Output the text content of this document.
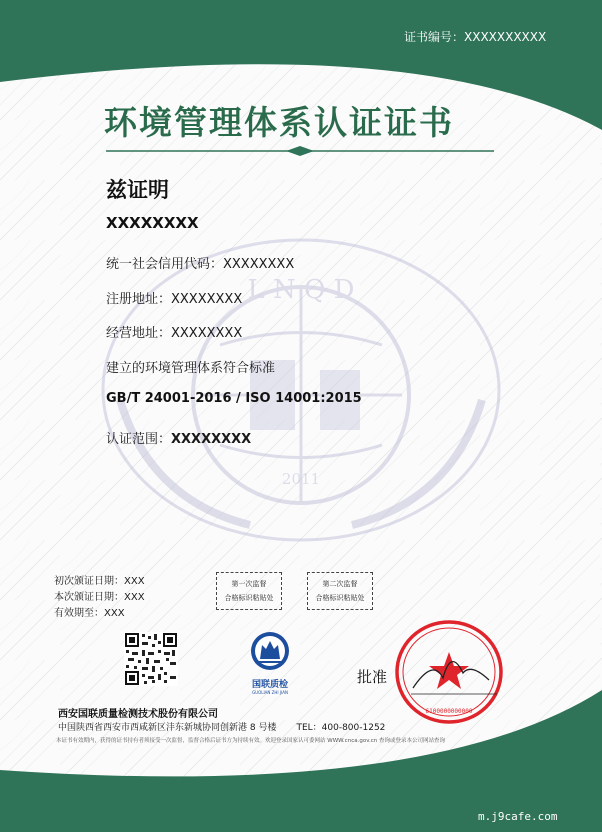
L N Q D
2011
证书编号：XXXXXXXXXX
环境管理体系认证证书
兹证明
XXXXXXXX
统一社会信用代码：XXXXXXXX
注册地址：XXXXXXXX
经营地址：XXXXXXXX
建立的环境管理体系符合标准
GB/T 24001-2016 / ISO 14001:2015
认证范围：XXXXXXXX
初次颁证日期：XXX
本次颁证日期：XXX
有效期至：XXX
第一次监督
合格标识粘贴处
第二次监督
合格标识粘贴处
国联质检
GUOLIAN ZHI JIAN
批准
6100000000000
西安国联质量检测技术股份有限公司
中国陕西省西安市西咸新区沣东新城协同创新港 8 号楼 TEL：400-800-1252
本证书有效期内，获得的证书持有者须接受一次监督，监督合格后证书方为持续有效。欢迎登录国家认可委网站 WWW.cnca.gov.cn 查询或登录本公司网站查询
m.j9cafe.com
